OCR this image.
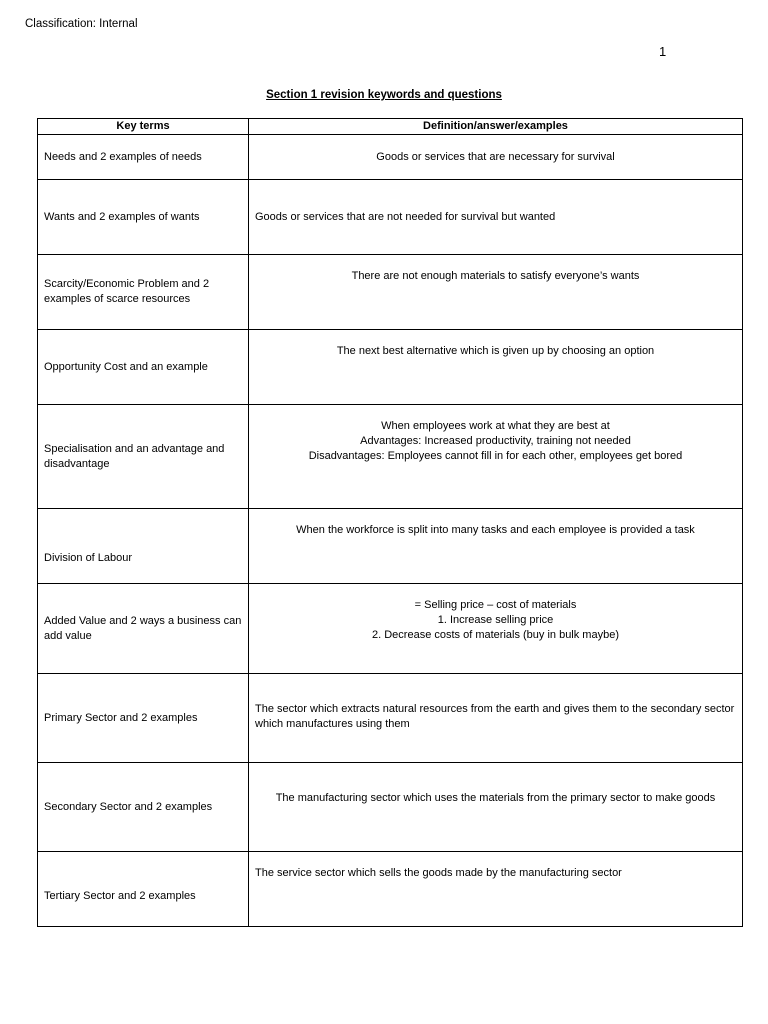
Classification: Internal
1
Section 1 revision keywords and questions
Key terms	Definition/answer/examples
Needs and 2 examples of needs	Goods or services that are necessary for survival
Wants and 2 examples of wants	Goods or services that are not needed for survival but wanted
Scarcity/Economic Problem and 2 examples of scarce resources	There are not enough materials to satisfy everyone’s wants
Opportunity Cost and an example	The next best alternative which is given up by choosing an option
Specialisation and an advantage and disadvantage	When employees work at what they are best at
Advantages: Increased productivity, training not needed
Disadvantages: Employees cannot fill in for each other, employees get bored

Division of Labour	When the workforce is split into many tasks and each employee is provided a task
Added Value and 2 ways a business can add value	= Selling price – cost of materials
1. Increase selling price
2. Decrease costs of materials (buy in bulk maybe)

Primary Sector and 2 examples	The sector which extracts natural resources from the earth and gives them to the secondary sector which manufactures using them
Secondary Sector and 2 examples	The manufacturing sector which uses the materials from the primary sector to make goods
Tertiary Sector and 2 examples	The service sector which sells the goods made by the manufacturing sector
